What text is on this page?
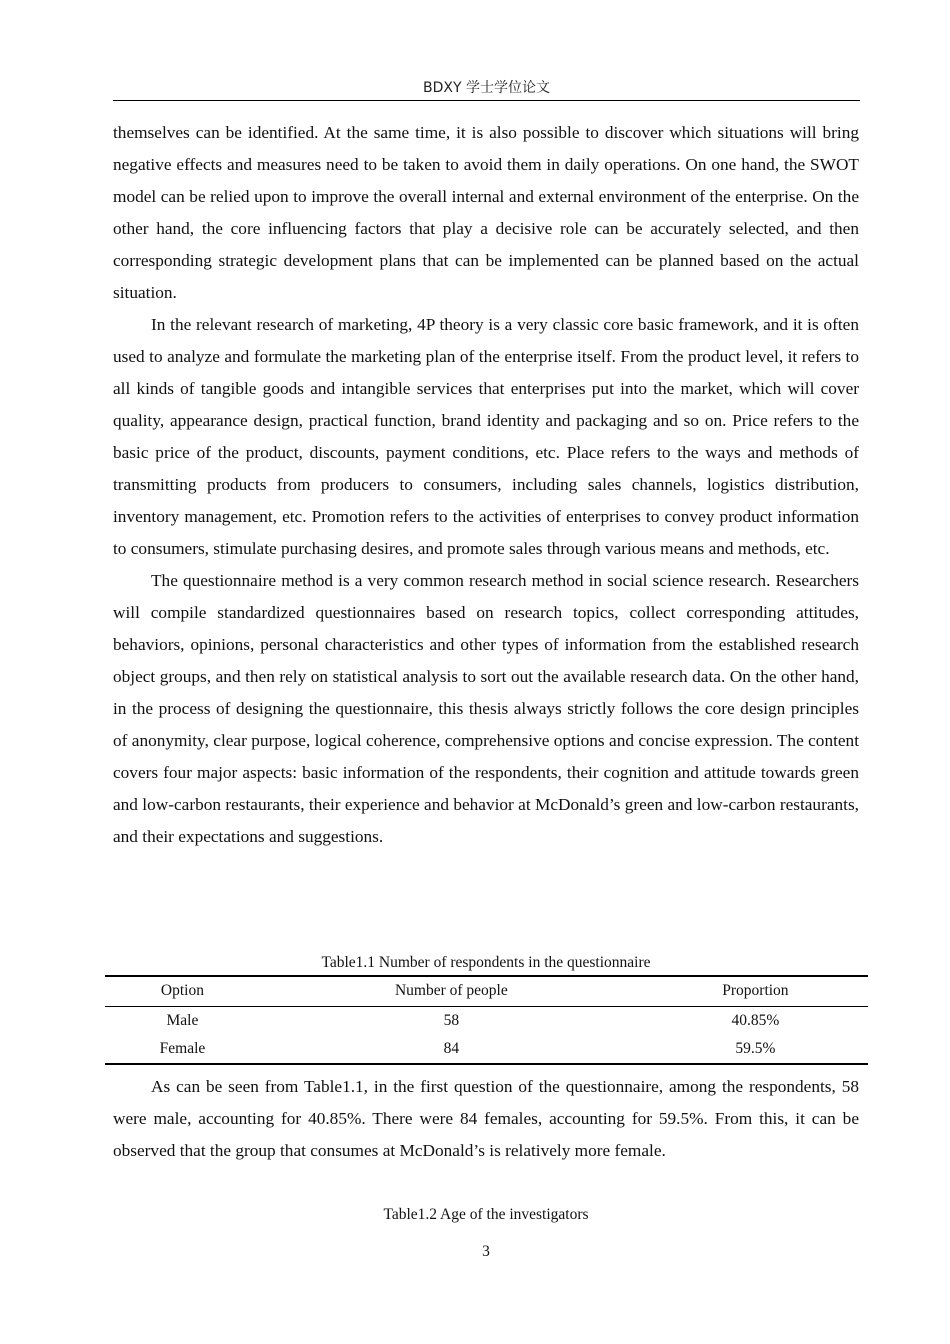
BDXY 学士学位论文

themselves can be identified. At the same time, it is also possible to discover which situations will bring negative effects and measures need to be taken to avoid them in daily operations. On one hand, the SWOT model can be relied upon to improve the overall internal and external environment of the enterprise. On the other hand, the core influencing factors that play a decisive role can be accurately selected, and then corresponding strategic development plans that can be implemented can be planned based on the actual situation.

In the relevant research of marketing, 4P theory is a very classic core basic framework, and it is often used to analyze and formulate the marketing plan of the enterprise itself. From the product level, it refers to all kinds of tangible goods and intangible services that enterprises put into the market, which will cover quality, appearance design, practical function, brand identity and packaging and so on. Price refers to the basic price of the product, discounts, payment conditions, etc. Place refers to the ways and methods of transmitting products from producers to consumers, including sales channels, logistics distribution, inventory management, etc. Promotion refers to the activities of enterprises to convey product information to consumers, stimulate purchasing desires, and promote sales through various means and methods, etc.

The questionnaire method is a very common research method in social science research. Researchers will compile standardized questionnaires based on research topics, collect corresponding attitudes, behaviors, opinions, personal characteristics and other types of information from the established research object groups, and then rely on statistical analysis to sort out the available research data. On the other hand, in the process of designing the questionnaire, this thesis always strictly follows the core design principles of anonymity, clear purpose, logical coherence, comprehensive options and concise expression. The content covers four major aspects: basic information of the respondents, their cognition and attitude towards green and low-carbon restaurants, their experience and behavior at McDonald’s green and low-carbon restaurants, and their expectations and suggestions.

Table1.1 Number of respondents in the questionnaire
Option	Number of people	Proportion
Male	58	40.85%
Female	84	59.5%

As can be seen from Table1.1, in the first question of the questionnaire, among the respondents, 58 were male, accounting for 40.85%. There were 84 females, accounting for 59.5%. From this, it can be observed that the group that consumes at McDonald’s is relatively more female.

Table1.2 Age of the investigators
3
